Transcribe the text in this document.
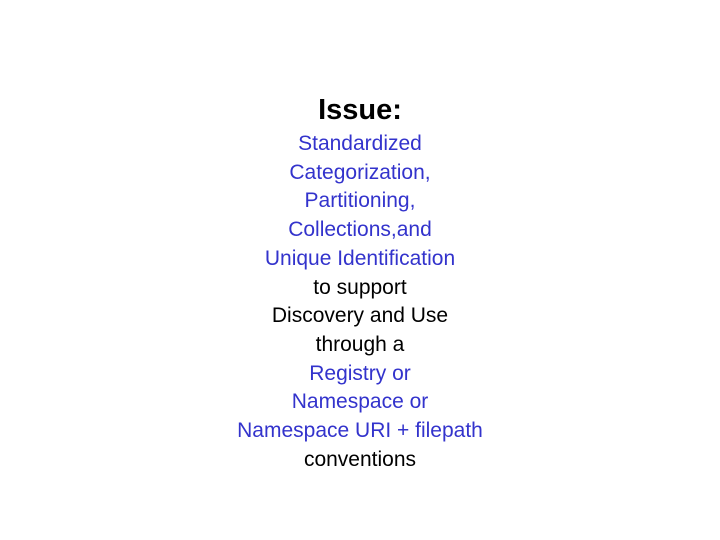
Issue:
Standardized
Categorization,
Partitioning,
Collections,and
Unique Identification
to support
Discovery and Use
through a
Registry or
Namespace or
Namespace URI + filepath
conventions
